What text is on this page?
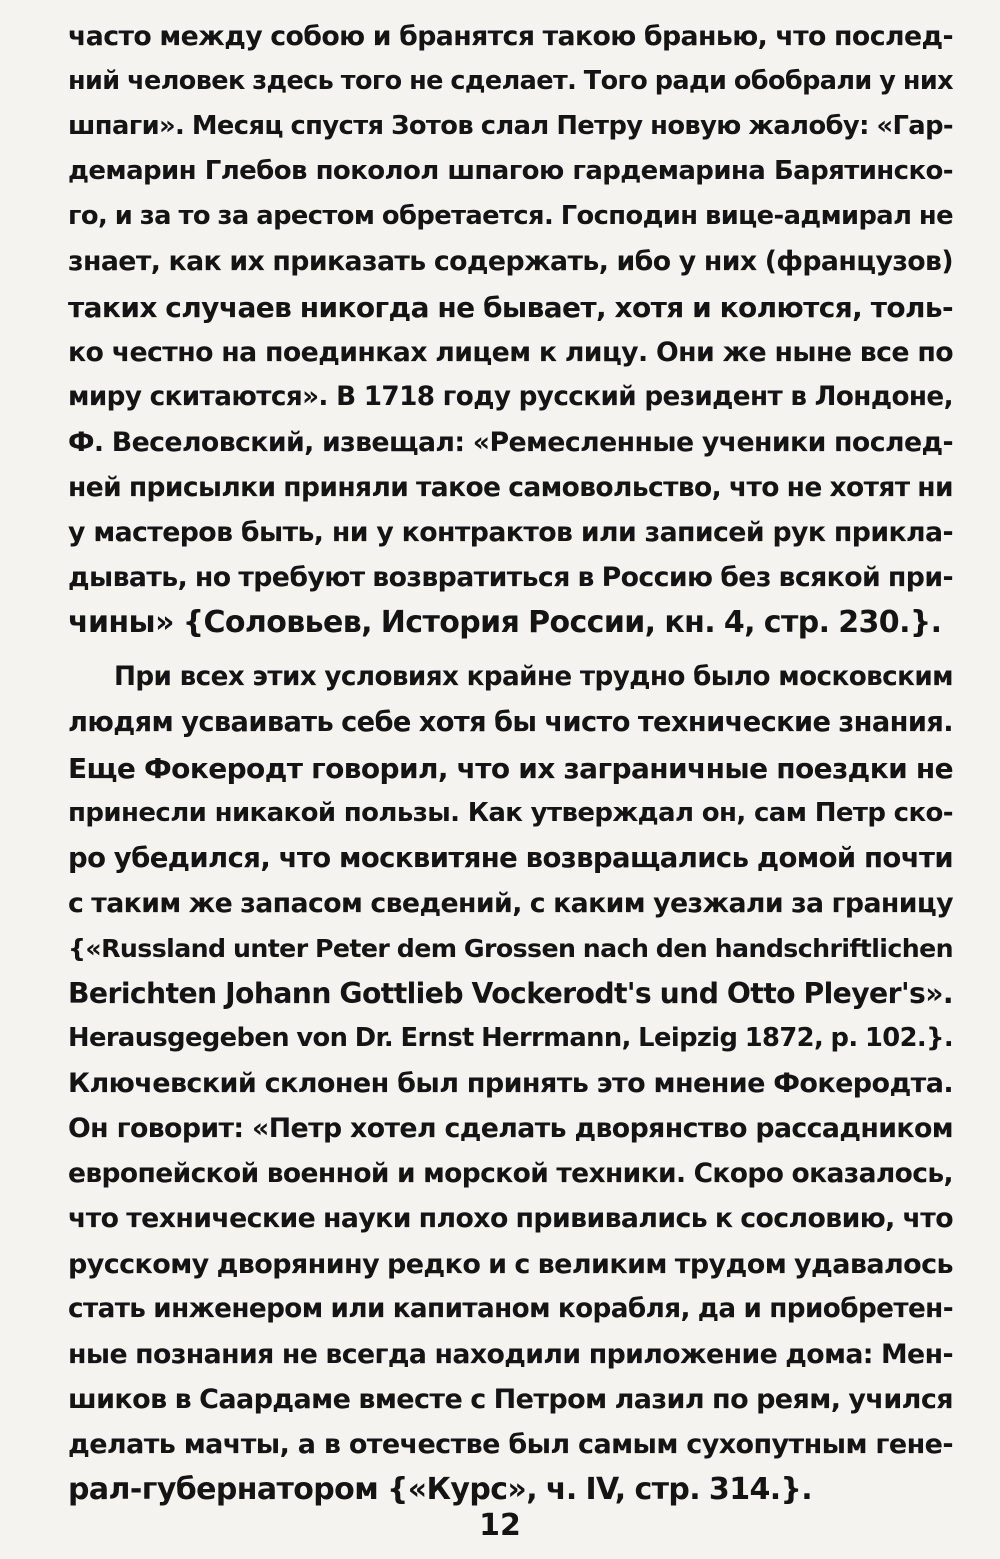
часто между собою и бранятся такою бранью, что послед-
ний человек здесь того не сделает. Того ради обобрали у них
шпаги». Месяц спустя Зотов слал Петру новую жалобу: «Гар-
демарин Глебов поколол шпагою гардемарина Барятинско-
го, и за то за арестом обретается. Господин вице-адмирал не
знает, как их приказать содержать, ибо у них (французов)
таких случаев никогда не бывает, хотя и колются, толь-
ко честно на поединках лицем к лицу. Они же ныне все по
миру скитаются». В 1718 году русский резидент в Лондоне,
Ф. Веселовский, извещал: «Ремесленные ученики послед-
ней присылки приняли такое самовольство, что не хотят ни
у мастеров быть, ни у контрактов или записей рук прикла-
дывать, но требуют возвратиться в Россию без всякой при-
чины» {Соловьев, История России, кн. 4, стр. 230.}.
При всех этих условиях крайне трудно было московским
людям усваивать себе хотя бы чисто технические знания.
Еще Фокеродт говорил, что их заграничные поездки не
принесли никакой пользы. Как утверждал он, сам Петр ско-
ро убедился, что москвитяне возвращались домой почти
с таким же запасом сведений, с каким уезжали за границу
{«Russland unter Peter dem Grossen nach den handschriftlichen
Berichten Johann Gottlieb Vockerodt's und Otto Pleyer's».
Herausgegeben von Dr. Ernst Herrmann, Leipzig 1872, p. 102.}.
Ключевский склонен был принять это мнение Фокеродта.
Он говорит: «Петр хотел сделать дворянство рассадником
европейской военной и морской техники. Скоро оказалось,
что технические науки плохо прививались к сословию, что
русскому дворянину редко и с великим трудом удавалось
стать инженером или капитаном корабля, да и приобретен-
ные познания не всегда находили приложение дома: Мен-
шиков в Саардаме вместе с Петром лазил по реям, учился
делать мачты, а в отечестве был самым сухопутным гене-
рал-губернатором {«Курс», ч. IV, стр. 314.}.
12
